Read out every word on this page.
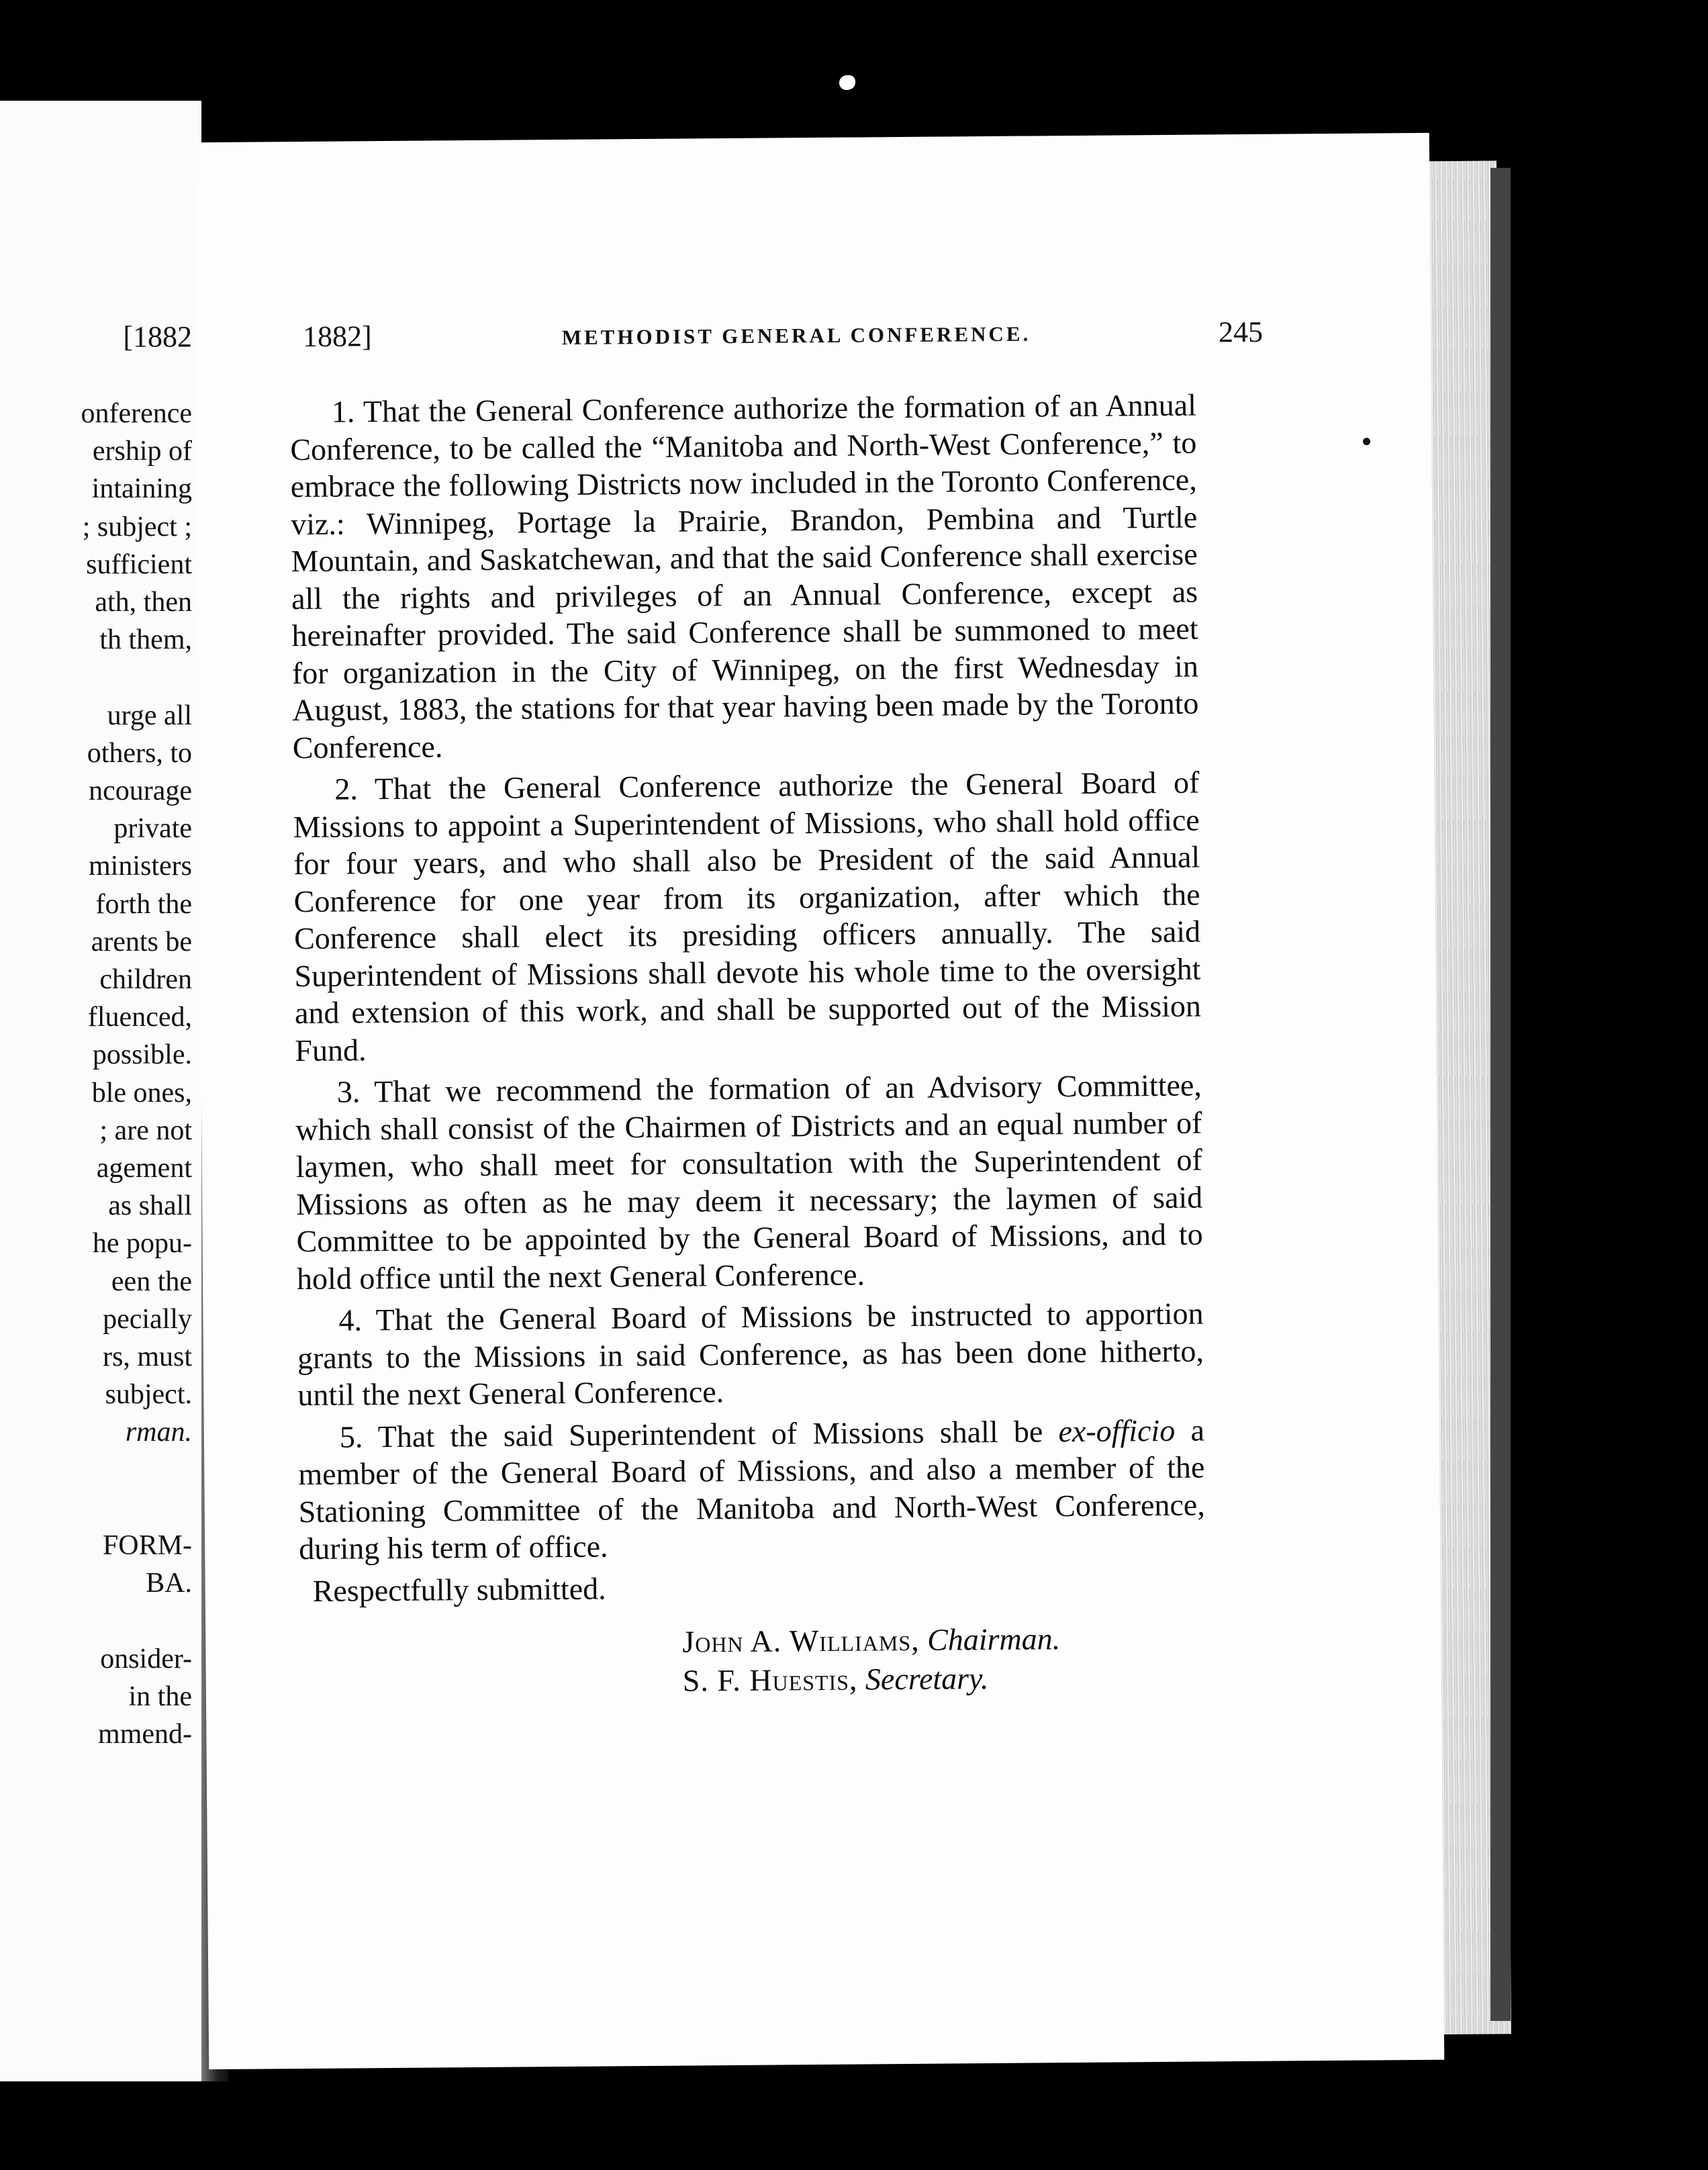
[1882
onference
ership of
intaining
; subject ;
sufficient
ath, then
th them,
urge all
others, to
ncourage
private
ministers
forth the
arents be
children
fluenced,
possible.
ble ones,
; are not
agement
as shall
he popu-
een the
pecially
rs, must
subject.
rman.
FORM-
BA.
onsider-
in the
mmend-
1882]	METHODIST GENERAL CONFERENCE.	245

1. That the General Conference authorize the formation of an Annual Conference, to be called the “Manitoba and North-West Conference,” to embrace the following Districts now included in the Toronto Conference, viz.: Winnipeg, Portage la Prairie, Brandon, Pembina and Turtle Mountain, and Saskatchewan, and that the said Conference shall exercise all the rights and privileges of an Annual Conference, except as hereinafter provided. The said Conference shall be summoned to meet for organization in the City of Winnipeg, on the first Wednesday in August, 1883, the stations for that year having been made by the Toronto Conference.

2. That the General Conference authorize the General Board of Missions to appoint a Superintendent of Missions, who shall hold office for four years, and who shall also be President of the said Annual Conference for one year from its organization, after which the Conference shall elect its presiding officers annually. The said Superintendent of Missions shall devote his whole time to the oversight and extension of this work, and shall be supported out of the Mission Fund.

3. That we recommend the formation of an Advisory Committee, which shall consist of the Chairmen of Districts and an equal number of laymen, who shall meet for consultation with the Superintendent of Missions as often as he may deem it necessary; the laymen of said Committee to be appointed by the General Board of Missions, and to hold office until the next General Conference.

4. That the General Board of Missions be instructed to apportion grants to the Missions in said Conference, as has been done hitherto, until the next General Conference.

5. That the said Superintendent of Missions shall be ex-officio a member of the General Board of Missions, and also a member of the Stationing Committee of the Manitoba and North-West Conference, during his term of office.

Respectfully submitted.

John A. Williams, Chairman.
S. F. Huestis, Secretary.
